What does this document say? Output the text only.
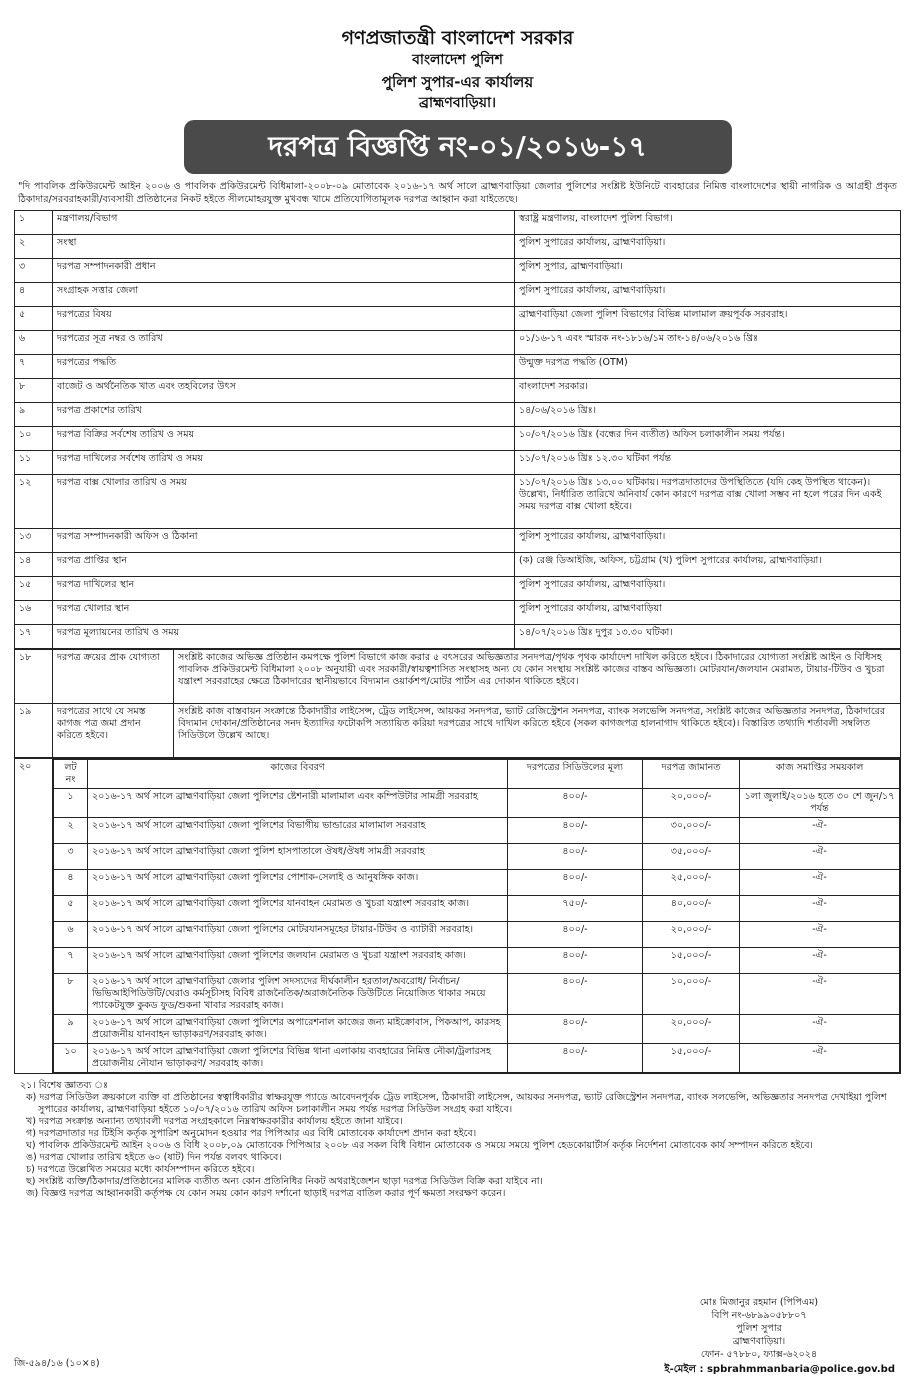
গণপ্রজাতন্ত্রী বাংলাদেশ সরকার
বাংলাদেশ পুলিশ
পুলিশ সুপার-এর কার্যালয়
ব্রাহ্মণবাড়িয়া।
দরপত্র বিজ্ঞপ্তি নং-০১/২০১৬-১৭

"দি পাবলিক প্রকিউরমেন্ট আইন ২০০৬ ও পাবলিক প্রকিউরমেন্ট বিধিমালা-২০০৮-০৯ মোতাবেক ২০১৬-১৭ অর্থ সালে ব্রাহ্মণবাড়িয়া জেলার পুলিশের সংশ্লিষ্ট ইউনিটে ব্যবহারের নিমিত্ত বাংলাদেশের স্থায়ী নাগরিক ও আগ্রহী প্রকৃত ঠিকাদার/সরবরাহকারী/ব্যবসায়ী প্রতিষ্ঠানের নিকট হইতে সীলমোহরযুক্ত মুখবন্ধ খামে প্রতিযোগিতামূলক দরপত্র আহ্বান করা যাইতেছে।

১	মন্ত্রণালয়/বিভাগ	স্বরাষ্ট্র মন্ত্রণালয়, বাংলাদেশ পুলিশ বিভাগ।
২	সংস্থা	পুলিশ সুপারের কার্যালয়, ব্রাহ্মণবাড়িয়া।
৩	দরপত্র সম্পাদনকারী প্রধান	পুলিশ সুপার, ব্রাহ্মণবাড়িয়া।
৪	সংগ্রাহক সত্তার জেলা	পুলিশ সুপারের কার্যালয়, ব্রাহ্মণবাড়িয়া।
৫	দরপত্রের বিষয়	ব্রাহ্মণবাড়িয়া জেলা পুলিশ বিভাগের বিভিন্ন মালামাল ক্রয়পূর্বক সরবরাহ।
৬	দরপত্রের সূত্র নম্বর ও তারিখ	০১/১৬-১৭ এবং স্মারক নং-১৮১৬/১ম তাং-১৪/০৬/২০১৬ খ্রিঃ
৭	দরপত্রের পদ্ধতি	উন্মুক্ত দরপত্র পদ্ধতি (OTM)
৮	বাজেট ও অর্থনৈতিক খাত এবং তহবিলের উৎস	বাংলাদেশ সরকার।
৯	দরপত্র প্রকাশের তারিখ	১৪/০৬/২০১৬ খ্রিঃ।
১০	দরপত্র বিক্রির সর্বশেষ তারিখ ও সময়	১০/০৭/২০১৬ খ্রিঃ (বন্ধের দিন ব্যতীত) অফিস চলাকালীন সময় পর্যন্ত।
১১	দরপত্র দাখিলের সর্বশেষ তারিখ ও সময়	১১/০৭/২০১৬ খ্রিঃ ১২.৩০ ঘটিকা পর্যন্ত
১২	দরপত্র বাক্স খোলার তারিখ ও সময়	১১/০৭/২০১৬ খ্রিঃ ১৩.০০ ঘটিকায়। দরপত্রদাতাদের উপস্থিতিতে (যদি কেহ উপস্থিত থাকেন)। উল্লেখ্য, নির্ধারিত তারিখে অনিবার্য কোন কারণে দরপত্র বাক্স খোলা সম্ভব না হলে পরের দিন একই সময় দরপত্র বাক্স খোলা হইবে।
১৩	দরপত্র সম্পাদনকারী অফিস ও ঠিকানা	পুলিশ সুপারের কার্যালয়, ব্রাহ্মণবাড়িয়া।
১৪	দরপত্র প্রাপ্তির স্থান	(ক) রেঞ্জ ডিআইজি, অফিস, চট্টগ্রাম (খ) পুলিশ সুপারের কার্যালয়, ব্রাহ্মণবাড়িয়া।
১৫	দরপত্র দাখিলের স্থান	পুলিশ সুপারের কার্যালয়, ব্রাহ্মণবাড়িয়া।
১৬	দরপত্র খোলার স্থান	পুলিশ সুপারের কার্যালয়, ব্রাহ্মণবাড়িয়া
১৭	দরপত্র মূল্যায়নের তারিখ ও সময়	১৪/০৭/২০১৬ খ্রিঃ দুপুর ১৩.৩০ ঘটিকা।
১৮	দরপত্র ক্রয়ের প্রাক যোগ্যতা	সংশ্লিষ্ট কাজের অভিজ্ঞ প্রতিষ্ঠান কমপক্ষে পুলিশ বিভাগে কাজ করার ৫ বৎসরের অভিজ্ঞতার সনদপত্র/পৃথক পৃথক কার্যাদেশ দাখিল করিতে হইবে। ঠিকাদারের যোগ্যতা সংশ্লিষ্ট আইন ও বিধিসহ পাবলিক প্রকিউরমেন্ট বিধিমালা ২০০৮ অনুযায়ী এবং সরকারী/স্বায়ত্বশাসিত সংস্থাসহ অন্য যে কোন সংস্থায় সংশ্লিষ্ট কাজের বাস্তব অভিজ্ঞতা। মোটরযান/জলযান মেরামত, টায়ার-টিউব ও খুচরা যন্ত্রাংশ সরবরাহের ক্ষেত্রে ঠিকাদারের স্থানীয়ভাবে বিদ্যমান ওয়ার্কশপ/মোটর পার্টস এর দোকান থাকিতে হইবে।
১৯	দরপত্রের সাথে যে সমস্ত কাগজ পত্র জমা প্রদান করিতে হইবে।	সংশ্লিষ্ট কাজ বাস্তবায়ন সংক্রান্তে ঠিকাদারীর লাইসেন্স, ট্রেড লাইসেন্স, আয়কর সনদপত্র, ভ্যাট রেজিস্ট্রেশন সনদপত্র, ব্যাংক সলভেন্সি সনদপত্র, সংশ্লিষ্ট কাজের অভিজ্ঞতার সনদপত্র, ঠিকাদারের বিদ্যমান দোকান/প্রতিষ্ঠানের সনদ ইত্যাদির ফটোকপি সত্যায়িত করিয়া দরপত্রের সাথে দাখিল করিতে হইবে (সকল কাগজপত্র হালনাগাদ থাকিতে হইবে)। বিস্তারিত তথ্যাদি শর্তাবলী সম্বলিত সিডিউলে উল্লেখ আছে।
২০		লট নং	কাজের বিবরণ	দরপত্রের সিডিউলের মূল্য	দরপত্র জামানত	কাজ সমাপ্তির সময়কাল
১	২০১৬-১৭ অর্থ সালে ব্রাহ্মণবাড়িয়া জেলা পুলিশের ষ্টেশনারী মালামাল এবং কম্পিউটার সামগ্রী সরবরাহ	৪০০/-	২০,০০০/-	১লা জুলাই/২০১৬ হতে ৩০ শে জুন/১৭ পর্যন্ত
২	২০১৬-১৭ অর্থ সালে ব্রাহ্মণবাড়িয়া জেলা পুলিশের বিভাগীয় ভান্ডারের মালামাল সরবরাহ	৪০০/-	৩০,০০০/-	-ঐ-
৩	২০১৬-১৭ অর্থ সালে ব্রাহ্মণবাড়িয়া জেলা পুলিশ হাসপাতালে ঔষধ/ঔষধ সামগ্রী সরবরাহ	৪০০/-	৩৫,০০০/-	-ঐ-
৪	২০১৬-১৭ অর্থ সালে ব্রাহ্মণবাড়িয়া জেলা পুলিশের পোশাক-সেলাই ও আনুষঙ্গিক কাজ।	৪০০/-	২৫,০০০/-	-ঐ-
৫	২০১৬-১৭ অর্থ সালে ব্রাহ্মণবাড়িয়া জেলা পুলিশের যানবাহন মেরামত ও খুচরা যন্ত্রাংশ সরবরাহ কাজ।	৭৫০/-	৪০,০০০/-	-ঐ-
৬	২০১৬-১৭ অর্থ সালে ব্রাহ্মণবাড়িয়া জেলা পুলিশের মোটরযানসমূহের টায়ার-টিউব ও ব্যাটারী সরবরাহ।	৪০০/-	২০,০০০/-	-ঐ-
৭	২০১৬-১৭ অর্থ সালে ব্রাহ্মণবাড়িয়া জেলা পুলিশের জলযান মেরামত ও খুচরা যন্ত্রাংশ সরবরাহ কাজ।	৪০০/-	১৫,০০০/-	-ঐ-
৮	২০১৬-১৭ অর্থ সালে ব্রাহ্মণবাড়িয়া জেলার পুলিশ সদস্যদের দীর্ঘকালীন হরতাল/অবরোধ/ নির্বাচন/ভিভিআইপিডিউটি/ঘেরাও কর্মসূচীসহ বিবিধ রাজনৈতিক/অরাজনৈতিক ডিউটিতে নিয়োজিত থাকার সময়ে প্যাকেটযুক্ত কুকড ফুড/শুকনা খাবার সরবরাহ কাজ।	৪০০/-	১০,০০০/-	-ঐ-
৯	২০১৬-১৭ অর্থ সালে ব্রাহ্মণবাড়িয়া জেলা পুলিশের অপারেশনাল কাজের জন্য মাইক্রোবাস, পিকআপ, কারসহ প্রয়োজনীয় যানবাহন ভাড়াকরণ/সরবরাহ কাজ।	৪০০/-	২০,০০০/-	-ঐ-
১০	২০১৬-১৭ অর্থ সালে ব্রাহ্মণবাড়িয়া জেলা পুলিশের বিভিন্ন থানা এলাকায় ব্যবহারের নিমিত্ত নৌকা/ট্রলারসহ প্রয়োজনীয় নৌযান ভাড়াকরণ/ সরবরাহ কাজ।	৪০০/-	১৫,০০০/-	-ঐ-
২১। বিশেষ জ্ঞাতব্য ঃ
ক) দরপত্র সিডিউল ক্রয়কালে ব্যক্তি বা প্রতিষ্ঠানের স্বত্বাধিকারীর স্বাক্ষরযুক্ত প্যাডে আবেদনপূর্বক ট্রেড লাইসেন্স, ঠিকাদারী লাইসেন্স, আয়কর সনদপত্র, ভ্যাট রেজিস্ট্রেশন সনদপত্র, ব্যাংক সলভেন্সি, অভিজ্ঞতার সনদপত্র দেখাইয়া পুলিশ সুপারের কার্যালয়, ব্রাহ্মণবাড়িয়া হইতে ১০/০৭/২০১৬ তারিখ অফিস চলাকালীন সময় পর্যন্ত দরপত্র সিডিউল সংগ্রহ করা যাইবে।
খ) দরপত্র সংক্রান্ত অন্যান্য তথ্যাবলী দরপত্র সংগ্রহকালে নিম্নস্বাক্ষরকারীর কার্যালয় হইতে জানা যাইবে।
গ) দরপত্রদাতার দর টিইসি কর্তৃক সুপারিশ অনুমোদন হওয়ার পর পিপিআর এর বিধি মোতাবেক কার্যাদেশ প্রদান করা হইবে।
ঘ) পাবলিক প্রকিউরমেন্ট আইন ২০০৬ ও বিধি ২০০৮,০৯ মোতাবেক পিপিআর ২০০৮ এর সকল বিধি বিধান মোতাবেক ও সময়ে সময়ে পুলিশ হেডকোয়ার্টার্স কর্তৃক নির্দেশনা মোতাবেক কার্য সম্পাদন করিতে হইবে।
ঙ) দরপত্র খোলার তারিখ হইতে ৬০ (ষাট) দিন পর্যন্ত বলবৎ থাকিবে।
চ) দরপত্রে উল্লেখিত সময়ের মধ্যে কার্যসম্পাদন করিতে হইবে।
ছ) সংশ্লিষ্ট ব্যক্তি/ঠিকাদার/প্রতিষ্ঠানের মালিক ব্যতীত অন্য কোন প্রতিনিধির নিকট অথরাইজেশন ছাড়া দরপত্র সিডিউল বিক্রি করা যাইবে না।
জ) বিজ্ঞপ্ত দরপত্র আহ্বানকারী কর্তৃপক্ষ যে কোন সময় কোন কারণ দর্শানো ছাড়াই দরপত্র বাতিল করার পূর্ণ ক্ষমতা সংরক্ষণ করেন।
মোঃ মিজানুর রহমান (পিপিএম)
বিপি নং-৬৮৯৯০৫৮৮০৭
পুলিশ সুপার
ব্রাহ্মণবাড়িয়া।
ফোন- ৫৭৮৮০, ফ্যাক্স-৬২০২৪
জি-৫৯৪/১৬ (১০×৪)
ই-মেইল : spbrahmmanbaria@police.gov.bd
